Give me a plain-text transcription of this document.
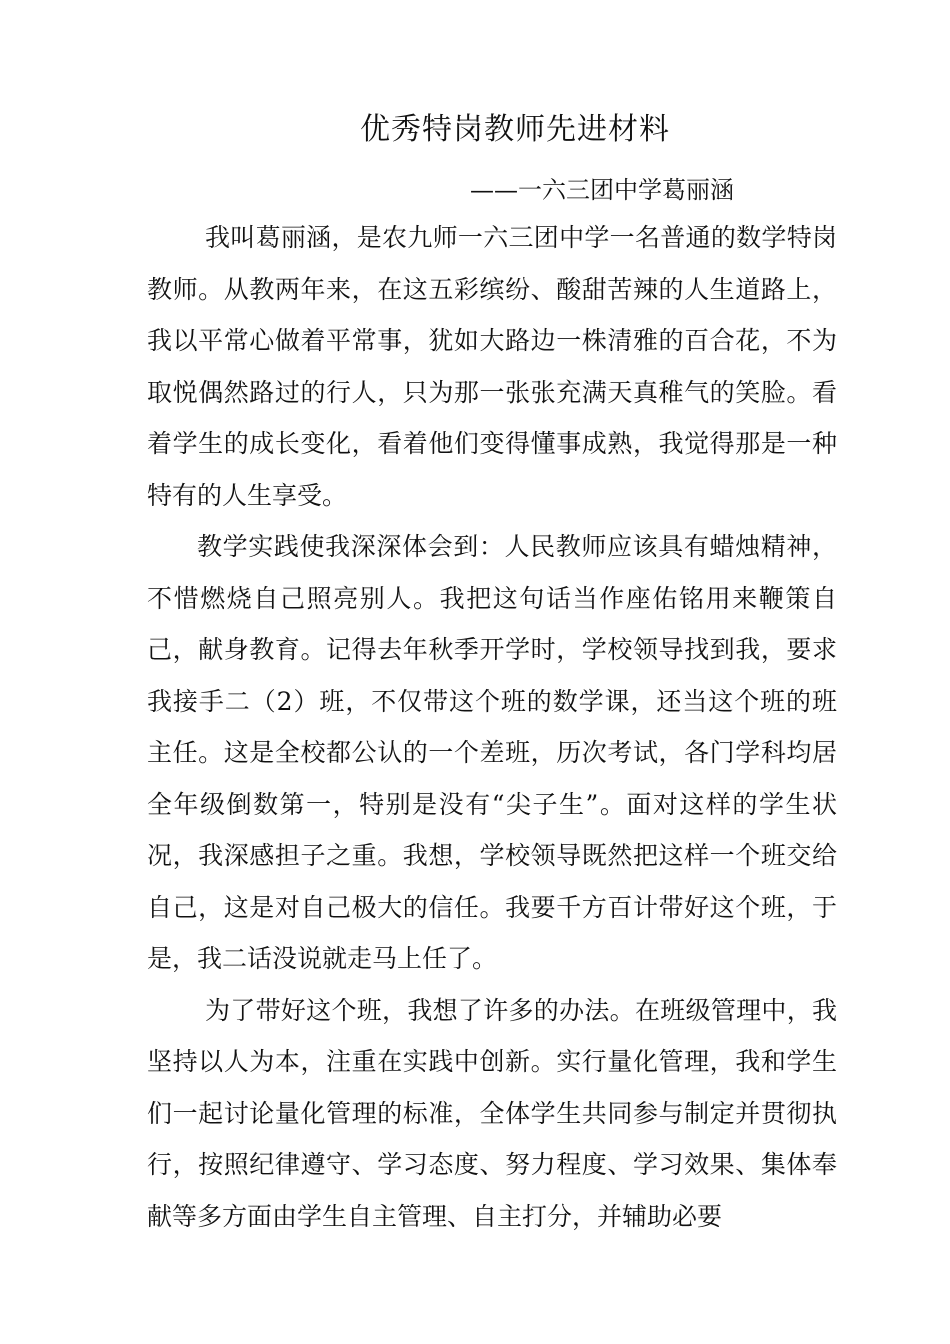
优秀特岗教师先进材料

——一六三团中学葛丽涵

我叫葛丽涵，是农九师一六三团中学一名普通的数学特岗教师。从教两年来，在这五彩缤纷、酸甜苦辣的人生道路上，我以平常心做着平常事，犹如大路边一株清雅的百合花，不为取悦偶然路过的行人，只为那一张张充满天真稚气的笑脸。看着学生的成长变化，看着他们变得懂事成熟，我觉得那是一种特有的人生享受。

教学实践使我深深体会到：人民教师应该具有蜡烛精神，不惜燃烧自己照亮别人。我把这句话当作座佑铭用来鞭策自己，献身教育。记得去年秋季开学时，学校领导找到我，要求我接手二（2）班，不仅带这个班的数学课，还当这个班的班主任。这是全校都公认的一个差班，历次考试，各门学科均居全年级倒数第一，特别是没有“尖子生”。面对这样的学生状况，我深感担子之重。我想，学校领导既然把这样一个班交给自己，这是对自己极大的信任。我要千方百计带好这个班，于是，我二话没说就走马上任了。

为了带好这个班，我想了许多的办法。在班级管理中，我坚持以人为本，注重在实践中创新。实行量化管理，我和学生们一起讨论量化管理的标准，全体学生共同参与制定并贯彻执行，按照纪律遵守、学习态度、努力程度、学习效果、集体奉献等多方面由学生自主管理、自主打分，并辅助必要
